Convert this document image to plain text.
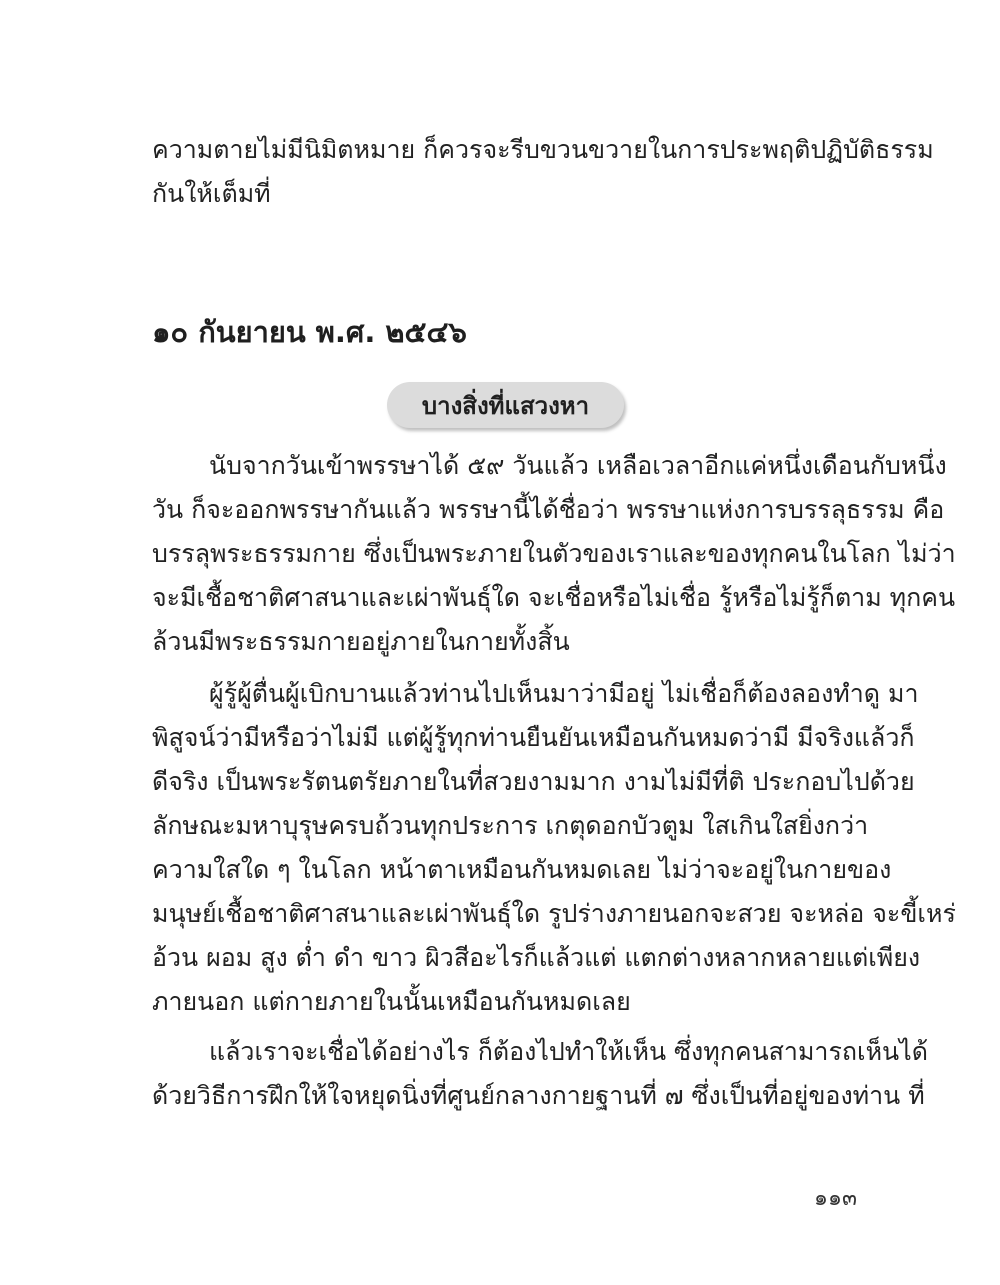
ความตายไม่มีนิมิตหมาย ก็ควรจะรีบขวนขวายในการประพฤติปฏิบัติธรรม
กันให้เต็มที่
๑๐ กันยายน พ.ศ. ๒๕๔๖
บางสิ่งที่แสวงหา
นับจากวันเข้าพรรษาได้ ๕๙ วันแล้ว เหลือเวลาอีกแค่หนึ่งเดือนกับหนึ่ง
วัน ก็จะออกพรรษากันแล้ว พรรษานี้ได้ชื่อว่า พรรษาแห่งการบรรลุธรรม คือ
บรรลุพระธรรมกาย ซึ่งเป็นพระภายในตัวของเราและของทุกคนในโลก ไม่ว่า
จะมีเชื้อชาติศาสนาและเผ่าพันธุ์ใด จะเชื่อหรือไม่เชื่อ รู้หรือไม่รู้ก็ตาม ทุกคน
ล้วนมีพระธรรมกายอยู่ภายในกายทั้งสิ้น
ผู้รู้ผู้ตื่นผู้เบิกบานแล้วท่านไปเห็นมาว่ามีอยู่ ไม่เชื่อก็ต้องลองทำดู มา
พิสูจน์ว่ามีหรือว่าไม่มี แต่ผู้รู้ทุกท่านยืนยันเหมือนกันหมดว่ามี มีจริงแล้วก็
ดีจริง เป็นพระรัตนตรัยภายในที่สวยงามมาก งามไม่มีที่ติ ประกอบไปด้วย
ลักษณะมหาบุรุษครบถ้วนทุกประการ เกตุดอกบัวตูม ใสเกินใสยิ่งกว่า
ความใสใด ๆ ในโลก หน้าตาเหมือนกันหมดเลย ไม่ว่าจะอยู่ในกายของ
มนุษย์เชื้อชาติศาสนาและเผ่าพันธุ์ใด รูปร่างภายนอกจะสวย จะหล่อ จะขี้เหร่
อ้วน ผอม สูง ต่ำ ดำ ขาว ผิวสีอะไรก็แล้วแต่ แตกต่างหลากหลายแต่เพียง
ภายนอก แต่กายภายในนั้นเหมือนกันหมดเลย
แล้วเราจะเชื่อได้อย่างไร ก็ต้องไปทำให้เห็น ซึ่งทุกคนสามารถเห็นได้
ด้วยวิธีการฝึกให้ใจหยุดนิ่งที่ศูนย์กลางกายฐานที่ ๗ ซึ่งเป็นที่อยู่ของท่าน ที่
๑๑๓
